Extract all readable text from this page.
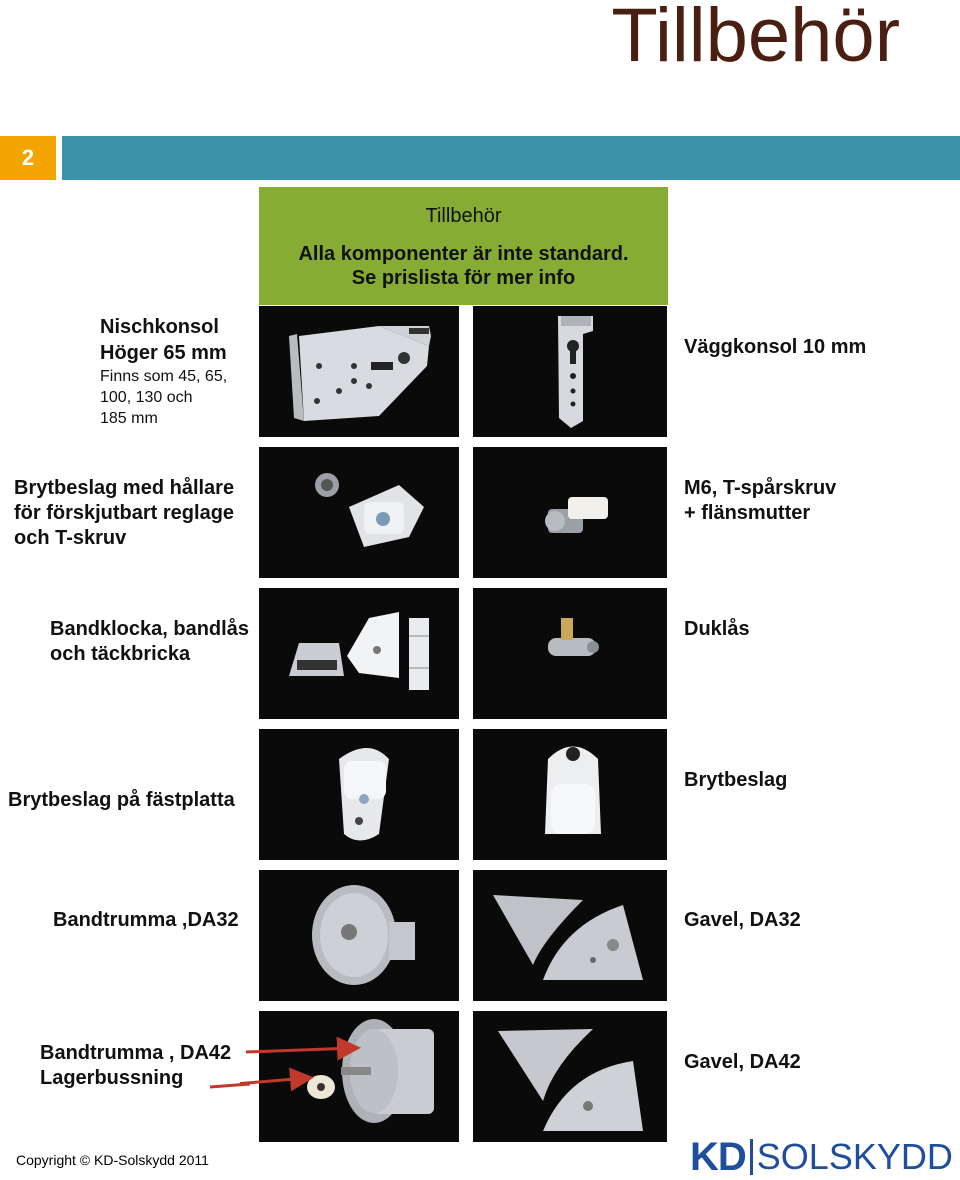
Tillbehör
2
Tillbehör
Alla komponenter är inte standard.
Se prislista för mer info
Nischkonsol
Höger 65 mm
Finns som 45, 65,
100, 130 och
185 mm
Väggkonsol 10 mm
Brytbeslag med hållare
för förskjutbart reglage
och T-skruv
M6, T-spårskruv
+ flänsmutter
Bandklocka, bandlås
och täckbricka
Duklås
Brytbeslag på fästplatta
Brytbeslag
Bandtrumma ,DA32	Gavel, DA32
Bandtrumma , DA42
Lagerbussning
Gavel, DA42
Copyright © KD-Solskydd 2011	KD SOLSKYDD
